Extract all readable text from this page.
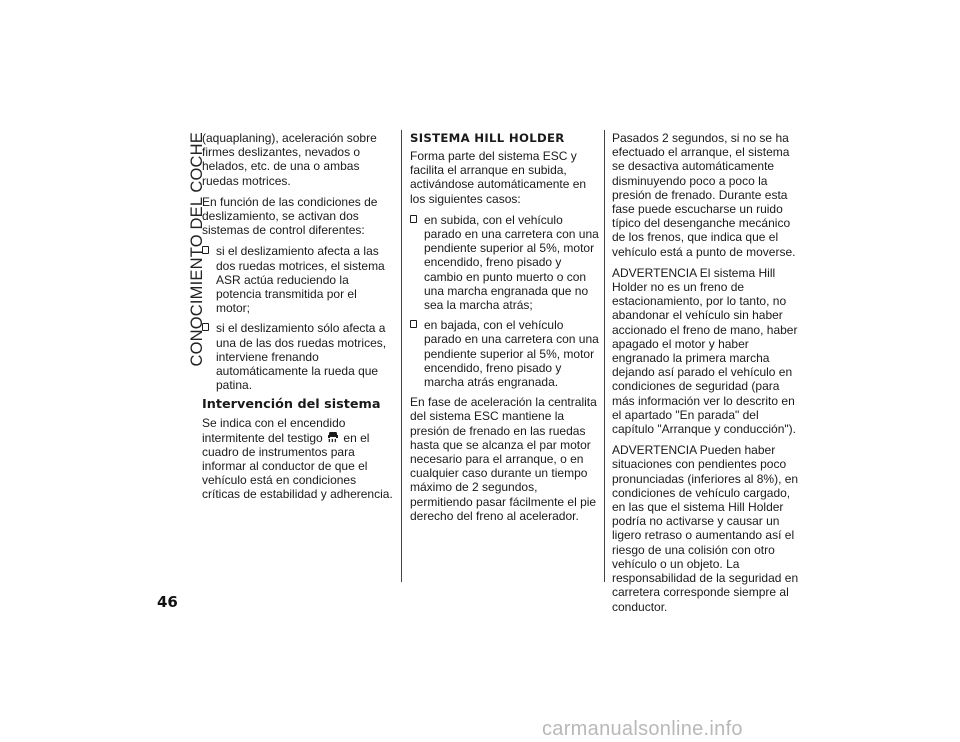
CONOCIMIENTO DEL COCHE

(aquaplaning), aceleración sobre firmes deslizantes, nevados o helados, etc. de una o ambas ruedas motrices.

En función de las condiciones de deslizamiento, se activan dos sistemas de control diferentes:

si el deslizamiento afecta a las dos ruedas motrices, el sistema ASR actúa reduciendo la potencia transmitida por el motor;
si el deslizamiento sólo afecta a una de las dos ruedas motrices, interviene frenando automáticamente la rueda que patina.
Intervención del sistema

Se indica con el encendido intermitente del testigo en el cuadro de instrumentos para informar al conductor de que el vehículo está en condiciones críticas de estabilidad y adherencia.

SISTEMA HILL HOLDER

Forma parte del sistema ESC y facilita el arranque en subida, activándose automáticamente en los siguientes casos:

en subida, con el vehículo parado en una carretera con una pendiente superior al 5%, motor encendido, freno pisado y cambio en punto muerto o con una marcha engranada que no sea la marcha atrás;
en bajada, con el vehículo parado en una carretera con una pendiente superior al 5%, motor encendido, freno pisado y marcha atrás engranada.

En fase de aceleración la centralita del sistema ESC mantiene la presión de frenado en las ruedas hasta que se alcanza el par motor necesario para el arranque, o en cualquier caso durante un tiempo máximo de 2 segundos, permitiendo pasar fácilmente el pie derecho del freno al acelerador.

Pasados 2 segundos, si no se ha efectuado el arranque, el sistema se desactiva automáticamente disminuyendo poco a poco la presión de frenado. Durante esta fase puede escucharse un ruido típico del desenganche mecánico de los frenos, que indica que el vehículo está a punto de moverse.

ADVERTENCIA El sistema Hill Holder no es un freno de estacionamiento, por lo tanto, no abandonar el vehículo sin haber accionado el freno de mano, haber apagado el motor y haber engranado la primera marcha dejando así parado el vehículo en condiciones de seguridad (para más información ver lo descrito en el apartado "En parada" del capítulo "Arranque y conducción").

ADVERTENCIA Pueden haber situaciones con pendientes poco pronunciadas (inferiores al 8%), en condiciones de vehículo cargado, en las que el sistema Hill Holder podría no activarse y causar un ligero retraso o aumentando así el riesgo de una colisión con otro vehículo o un objeto. La responsabilidad de la seguridad en carretera corresponde siempre al conductor.

46
carmanualsonline.info
